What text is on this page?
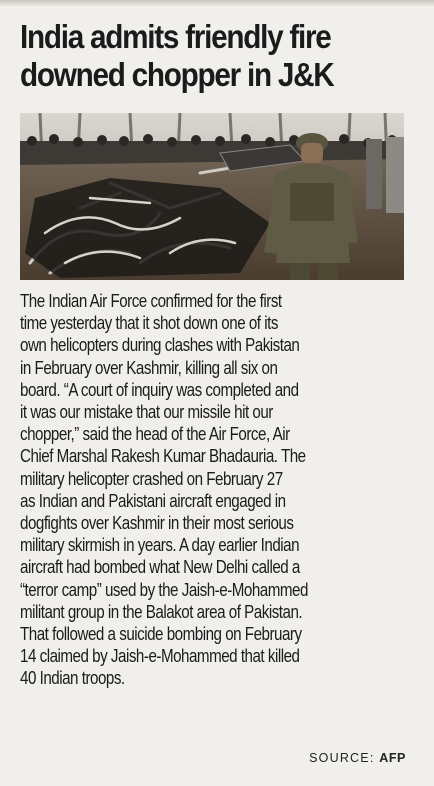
India admits friendly fire
downed chopper in J&K

The Indian Air Force confirmed for the first
time yesterday that it shot down one of its
own helicopters during clashes with Pakistan
in February over Kashmir, killing all six on
board. “A court of inquiry was completed and
it was our mistake that our missile hit our
chopper,” said the head of the Air Force, Air
Chief Marshal Rakesh Kumar Bhadauria. The
military helicopter crashed on February 27
as Indian and Pakistani aircraft engaged in
dogfights over Kashmir in their most serious
military skirmish in years. A day earlier Indian
aircraft had bombed what New Delhi called a
“terror camp” used by the Jaish-e-Mohammed
militant group in the Balakot area of Pakistan.
That followed a suicide bombing on February
14 claimed by Jaish-e-Mohammed that killed
40 Indian troops.

SOURCE: AFP
